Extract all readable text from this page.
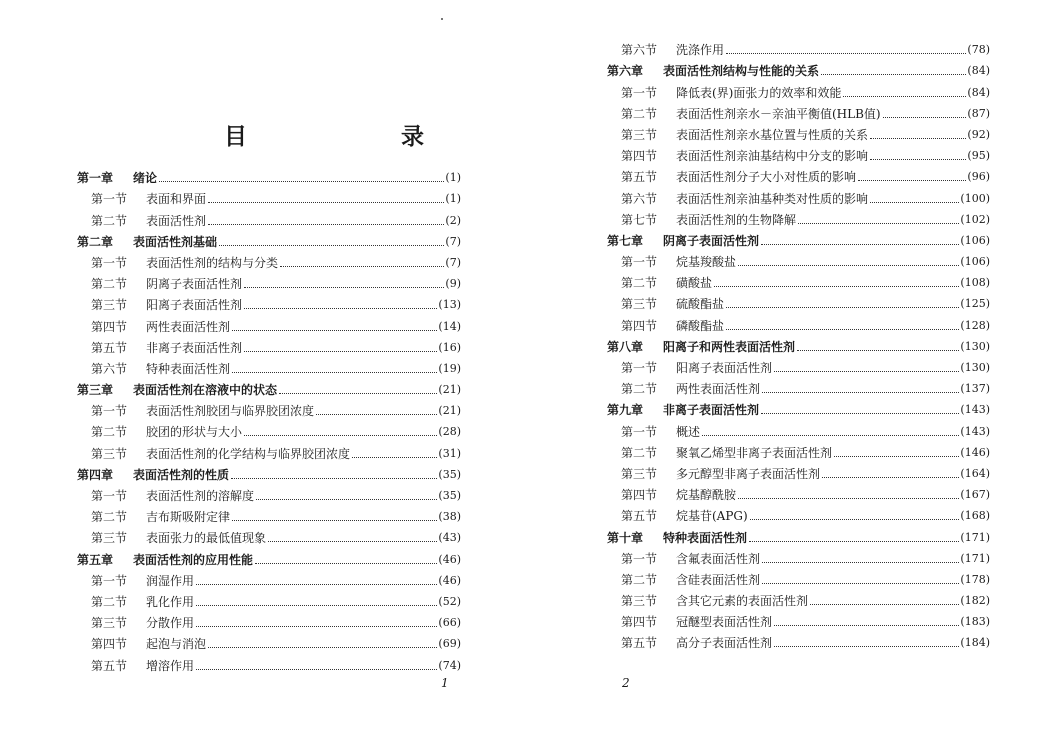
目　　录
第一章	绪论	(1)
第一节	表面和界面	(1)
第二节	表面活性剂	(2)
第二章	表面活性剂基础	(7)
第一节	表面活性剂的结构与分类	(7)
第二节	阴离子表面活性剂	(9)
第三节	阳离子表面活性剂	(13)
第四节	两性表面活性剂	(14)
第五节	非离子表面活性剂	(16)
第六节	特种表面活性剂	(19)
第三章	表面活性剂在溶液中的状态	(21)
第一节	表面活性剂胶团与临界胶团浓度	(21)
第二节	胶团的形状与大小	(28)
第三节	表面活性剂的化学结构与临界胶团浓度	(31)
第四章	表面活性剂的性质	(35)
第一节	表面活性剂的溶解度	(35)
第二节	吉布斯吸附定律	(38)
第三节	表面张力的最低值现象	(43)
第五章	表面活性剂的应用性能	(46)
第一节	润湿作用	(46)
第二节	乳化作用	(52)
第三节	分散作用	(66)
第四节	起泡与消泡	(69)
第五节	增溶作用	(74)
1
第六节	洗涤作用	(78)
第六章	表面活性剂结构与性能的关系	(84)
第一节	降低表(界)面张力的效率和效能	(84)
第二节	表面活性剂亲水－亲油平衡值(HLB值)	(87)
第三节	表面活性剂亲水基位置与性质的关系	(92)
第四节	表面活性剂亲油基结构中分支的影响	(95)
第五节	表面活性剂分子大小对性质的影响	(96)
第六节	表面活性剂亲油基种类对性质的影响	(100)
第七节	表面活性剂的生物降解	(102)
第七章	阴离子表面活性剂	(106)
第一节	烷基羧酸盐	(106)
第二节	磺酸盐	(108)
第三节	硫酸酯盐	(125)
第四节	磷酸酯盐	(128)
第八章	阳离子和两性表面活性剂	(130)
第一节	阳离子表面活性剂	(130)
第二节	两性表面活性剂	(137)
第九章	非离子表面活性剂	(143)
第一节	概述	(143)
第二节	聚氧乙烯型非离子表面活性剂	(146)
第三节	多元醇型非离子表面活性剂	(164)
第四节	烷基醇酰胺	(167)
第五节	烷基苷(APG)	(168)
第十章	特种表面活性剂	(171)
第一节	含氟表面活性剂	(171)
第二节	含硅表面活性剂	(178)
第三节	含其它元素的表面活性剂	(182)
第四节	冠醚型表面活性剂	(183)
第五节	高分子表面活性剂	(184)
2
